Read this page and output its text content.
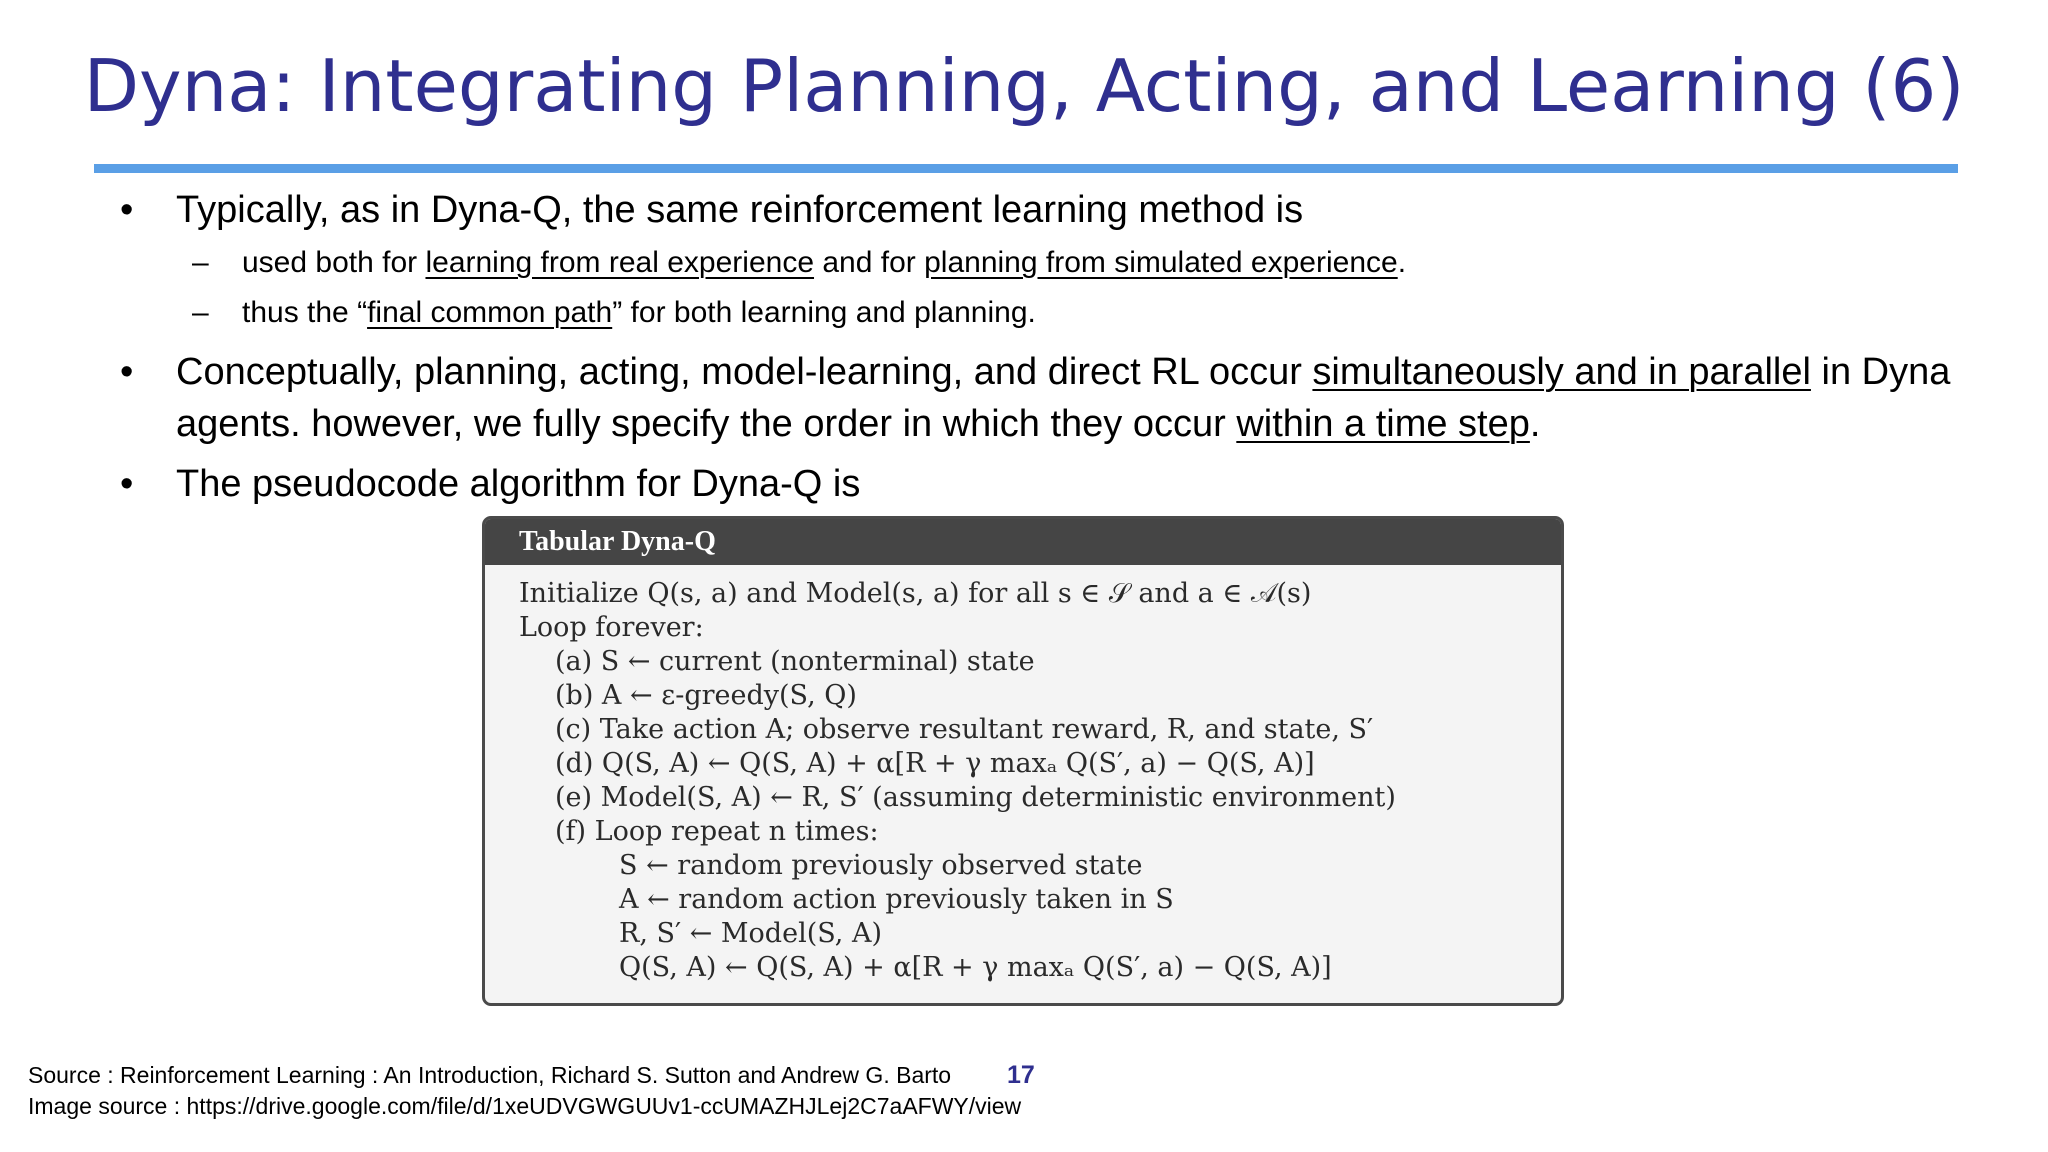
Dyna: Integrating Planning, Acting, and Learning (6)
• Typically, as in Dyna-Q, the same reinforcement learning method is
– used both for learning from real experience and for planning from simulated experience.
– thus the “final common path” for both learning and planning.
• Conceptually, planning, acting, model-learning, and direct RL occur simultaneously and in parallel in Dyna agents. however, we fully specify the order in which they occur within a time step.
• The pseudocode algorithm for Dyna-Q is
Tabular Dyna-Q
Initialize Q(s, a) and Model(s, a) for all s ∈ 𝒮 and a ∈ 𝒜(s)
Loop forever:
(a) S ← current (nonterminal) state
(b) A ← ε-greedy(S, Q)
(c) Take action A; observe resultant reward, R, and state, S′
(d) Q(S, A) ← Q(S, A) + α[R + γ maxₐ Q(S′, a) − Q(S, A)]
(e) Model(S, A) ← R, S′ (assuming deterministic environment)
(f) Loop repeat n times:
S ← random previously observed state
A ← random action previously taken in S
R, S′ ← Model(S, A)
Q(S, A) ← Q(S, A) + α[R + γ maxₐ Q(S′, a) − Q(S, A)]
Source : Reinforcement Learning : An Introduction, Richard S. Sutton and Andrew G. Barto
Image source : https://drive.google.com/file/d/1xeUDVGWGUUv1-ccUMAZHJLej2C7aAFWY/view
17
